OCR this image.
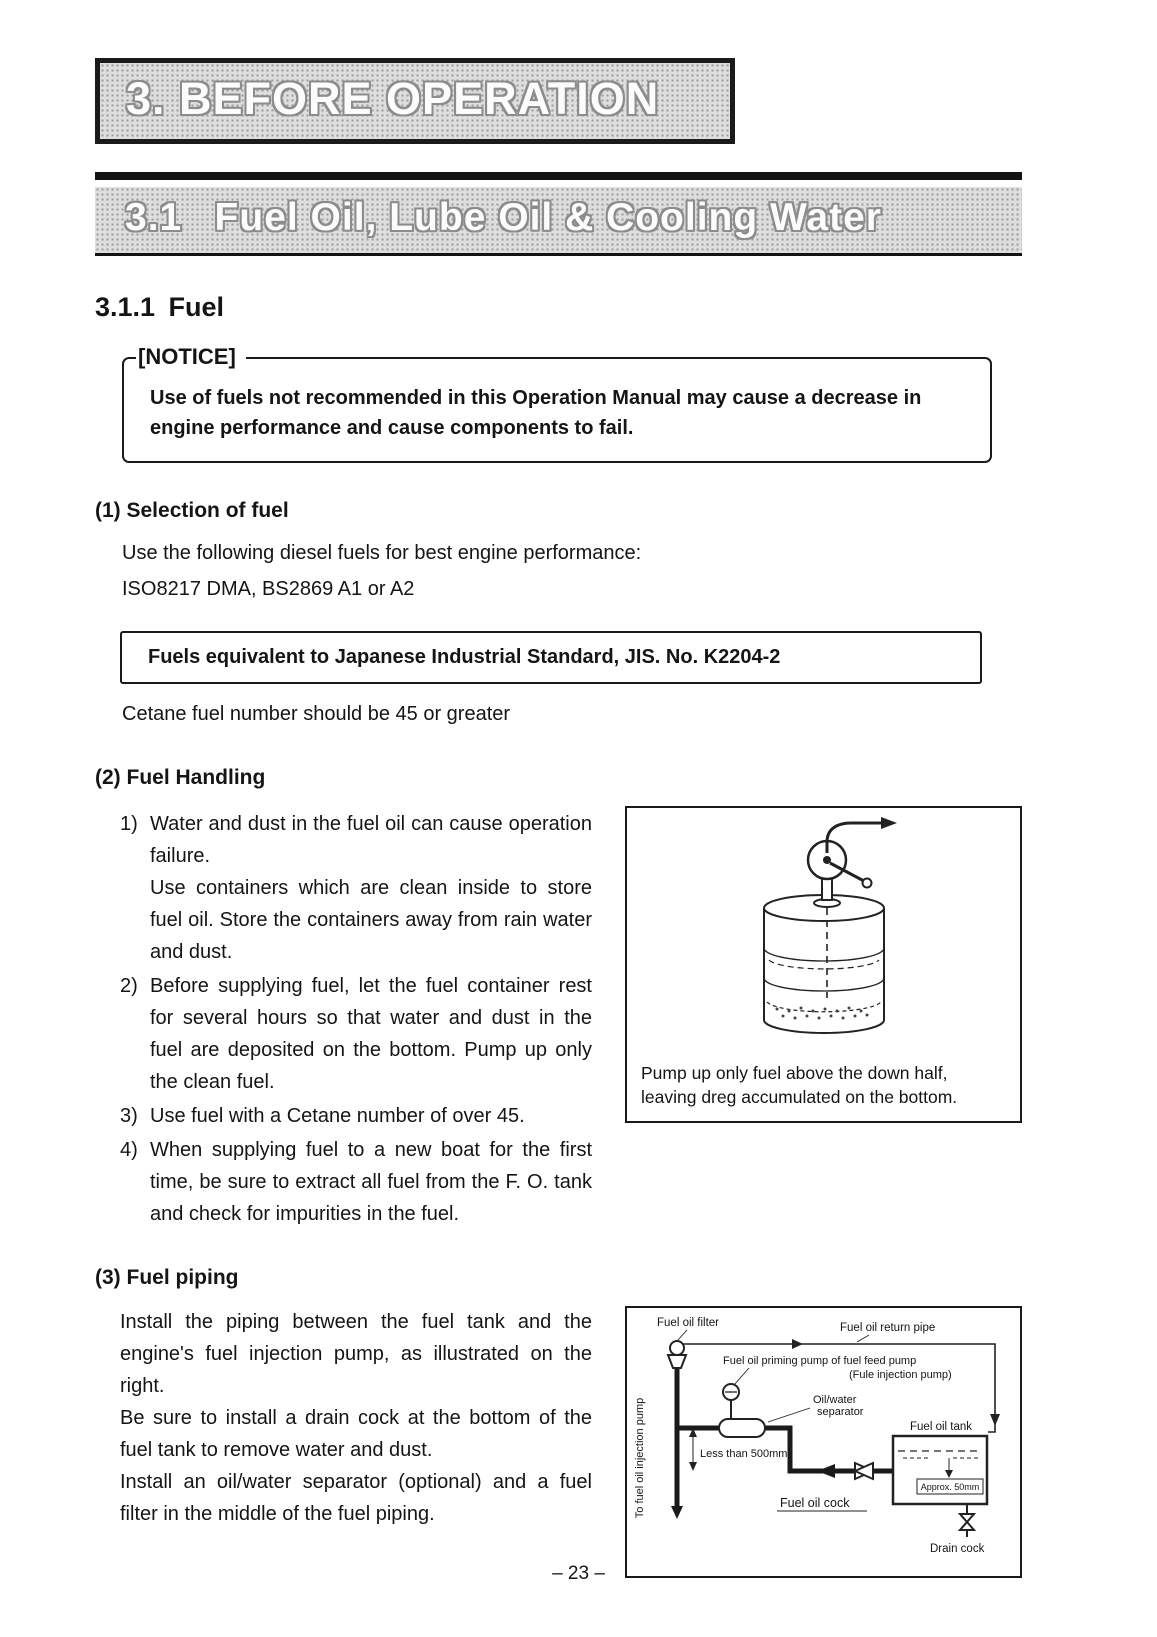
3. BEFORE OPERATION
3.1  Fuel Oil, Lube Oil & Cooling Water
3.1.1 Fuel
[NOTICE]

Use of fuels not recommended in this Operation Manual may cause a decrease in engine performance and cause components to fail.

(1) Selection of fuel

Use the following diesel fuels for best engine performance:

ISO8217 DMA, BS2869 A1 or A2

Fuels equivalent to Japanese Industrial Standard, JIS. No. K2204-2

Cetane fuel number should be 45 or greater

(2) Fuel Handling
1) Water and dust in the fuel oil can cause operation failure.

Use containers which are clean inside to store fuel oil. Store the containers away from rain water and dust.

2) Before supplying fuel, let the fuel container rest for several hours so that water and dust in the fuel are deposited on the bottom. Pump up only the clean fuel.

3) Use fuel with a Cetane number of over 45.

4) When supplying fuel to a new boat for the first time, be sure to extract all fuel from the F. O. tank and check for impurities in the fuel.

Pump up only fuel above the down half, leaving dreg accumulated on the bottom.

(3) Fuel piping

Install the piping between the fuel tank and the engine's fuel injection pump, as illustrated on the right.

Be sure to install a drain cock at the bottom of the fuel tank to remove water and dust.

Install an oil/water separator (optional) and a fuel filter in the middle of the fuel piping.

Fuel oil filter	Fuel oil return pipe
Fuel oil priming pump of fuel feed pump
(Fule injection pump)
Oil/water
separator
Fuel oil tank
Less than 500mm
To fuel oil injection pump	Approx. 50mm
Fuel oil cock
Drain cock
– 23 –
